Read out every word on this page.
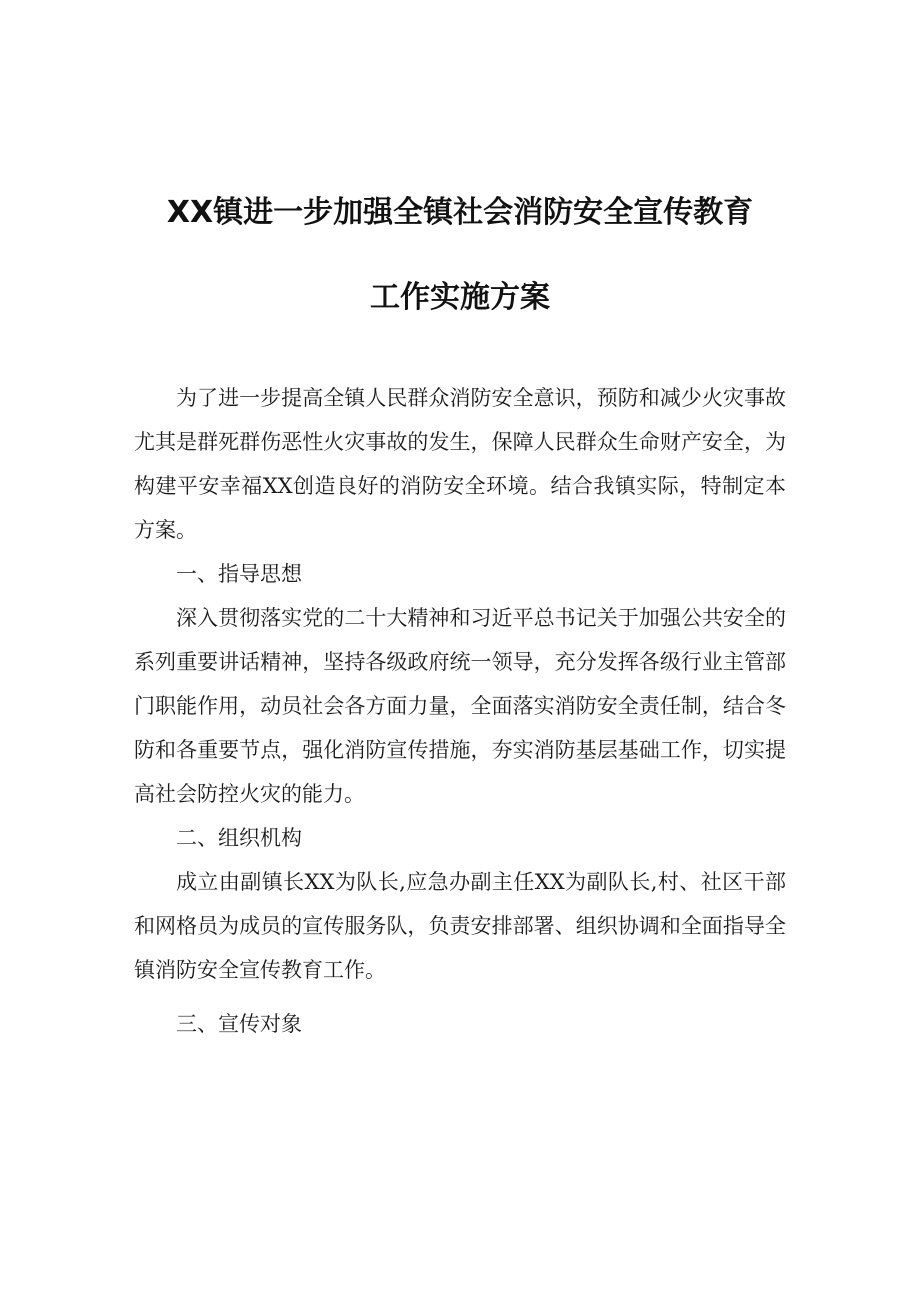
XX镇进一步加强全镇社会消防安全宣传教育
工作实施方案

为了进一步提高全镇人民群众消防安全意识，预防和减少火灾事故尤其是群死群伤恶性火灾事故的发生，保障人民群众生命财产安全，为构建平安幸福XX创造良好的消防安全环境。结合我镇实际，特制定本方案。

一、指导思想

深入贯彻落实党的二十大精神和习近平总书记关于加强公共安全的系列重要讲话精神，坚持各级政府统一领导，充分发挥各级行业主管部门职能作用，动员社会各方面力量，全面落实消防安全责任制，结合冬防和各重要节点，强化消防宣传措施，夯实消防基层基础工作，切实提高社会防控火灾的能力。

二、组织机构

成立由副镇长XX为队长,应急办副主任XX为副队长,村、社区干部和网格员为成员的宣传服务队，负责安排部署、组织协调和全面指导全镇消防安全宣传教育工作。

三、宣传对象
